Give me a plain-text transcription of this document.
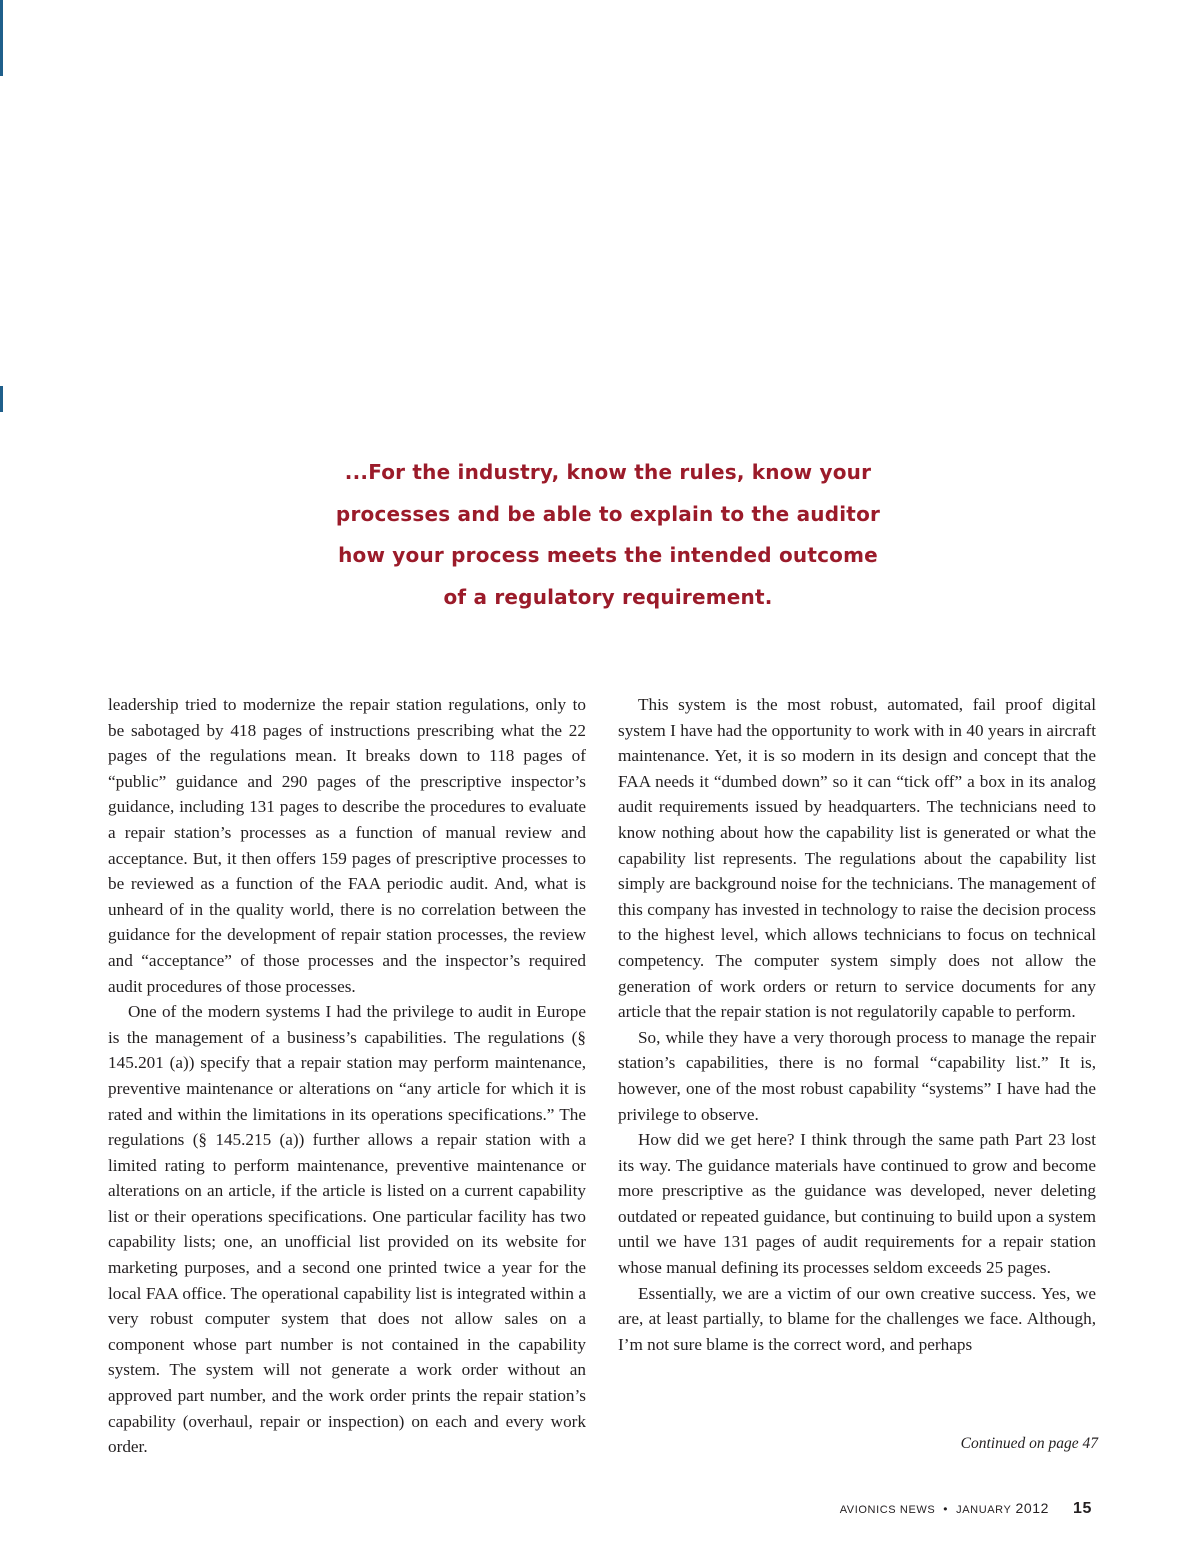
...For the industry, know the rules, know your
processes and be able to explain to the auditor
how your process meets the intended outcome
of a regulatory requirement.

leadership tried to modernize the repair station regulations, only to be sabotaged by 418 pages of instructions prescribing what the 22 pages of the regulations mean. It breaks down to 118 pages of “public” guidance and 290 pages of the prescriptive inspector’s guidance, including 131 pages to describe the procedures to evaluate a repair station’s processes as a function of manual review and acceptance. But, it then offers 159 pages of prescriptive processes to be reviewed as a function of the FAA periodic audit. And, what is unheard of in the quality world, there is no correlation between the guidance for the development of repair station processes, the review and “acceptance” of those processes and the inspector’s required audit procedures of those processes.

One of the modern systems I had the privilege to audit in Europe is the management of a business’s capabilities. The regulations (§ 145.201 (a)) specify that a repair station may perform maintenance, preventive maintenance or alterations on “any article for which it is rated and within the limitations in its operations specifications.” The regulations (§ 145.215 (a)) further allows a repair station with a limited rating to perform maintenance, preventive maintenance or alterations on an article, if the article is listed on a current capability list or their operations specifications. One particular facility has two capability lists; one, an unofficial list provided on its website for marketing purposes, and a second one printed twice a year for the local FAA office. The operational capability list is integrated within a very robust computer system that does not allow sales on a component whose part number is not contained in the capability system. The system will not generate a work order without an approved part number, and the work order prints the repair station’s capability (overhaul, repair or inspection) on each and every work order.

This system is the most robust, automated, fail proof digital system I have had the opportunity to work with in 40 years in aircraft maintenance. Yet, it is so modern in its design and concept that the FAA needs it “dumbed down” so it can “tick off” a box in its analog audit requirements issued by headquarters. The technicians need to know nothing about how the capability list is generated or what the capability list represents. The regulations about the capability list simply are background noise for the technicians. The management of this company has invested in technology to raise the decision process to the highest level, which allows technicians to focus on technical competency. The computer system simply does not allow the generation of work orders or return to service documents for any article that the repair station is not regulatorily capable to perform.

So, while they have a very thorough process to manage the repair station’s capabilities, there is no formal “capability list.” It is, however, one of the most robust capability “systems” I have had the privilege to observe.

How did we get here? I think through the same path Part 23 lost its way. The guidance materials have continued to grow and become more prescriptive as the guidance was developed, never deleting outdated or repeated guidance, but continuing to build upon a system until we have 131 pages of audit requirements for a repair station whose manual defining its processes seldom exceeds 25 pages.

Essentially, we are a victim of our own creative success. Yes, we are, at least partially, to blame for the challenges we face. Although, I’m not sure blame is the correct word, and perhaps

Continued on page 47
AVIONICS NEWS • JANUARY 2012 15
